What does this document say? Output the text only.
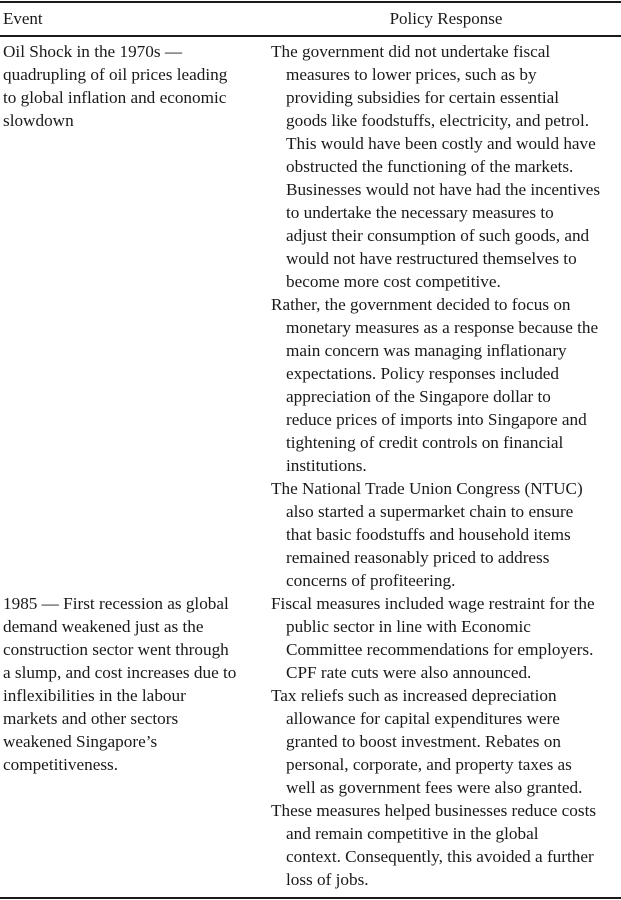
Event	Policy Response
Oil Shock in the 1970s —
quadrupling of oil prices leading
to global inflation and economic
slowdown
The government did not undertake fiscal
measures to lower prices, such as by
providing subsidies for certain essential
goods like foodstuffs, electricity, and petrol.
This would have been costly and would have
obstructed the functioning of the markets.
Businesses would not have had the incentives
to undertake the necessary measures to
adjust their consumption of such goods, and
would not have restructured themselves to
become more cost competitive.
Rather, the government decided to focus on
monetary measures as a response because the
main concern was managing inflationary
expectations. Policy responses included
appreciation of the Singapore dollar to
reduce prices of imports into Singapore and
tightening of credit controls on financial
institutions.
The National Trade Union Congress (NTUC)
also started a supermarket chain to ensure
that basic foodstuffs and household items
remained reasonably priced to address
concerns of profiteering.
1985 — First recession as global
demand weakened just as the
construction sector went through
a slump, and cost increases due to
inflexibilities in the labour
markets and other sectors
weakened Singapore’s
competitiveness.
Fiscal measures included wage restraint for the
public sector in line with Economic
Committee recommendations for employers.
CPF rate cuts were also announced.
Tax reliefs such as increased depreciation
allowance for capital expenditures were
granted to boost investment. Rebates on
personal, corporate, and property taxes as
well as government fees were also granted.
These measures helped businesses reduce costs
and remain competitive in the global
context. Consequently, this avoided a further
loss of jobs.
